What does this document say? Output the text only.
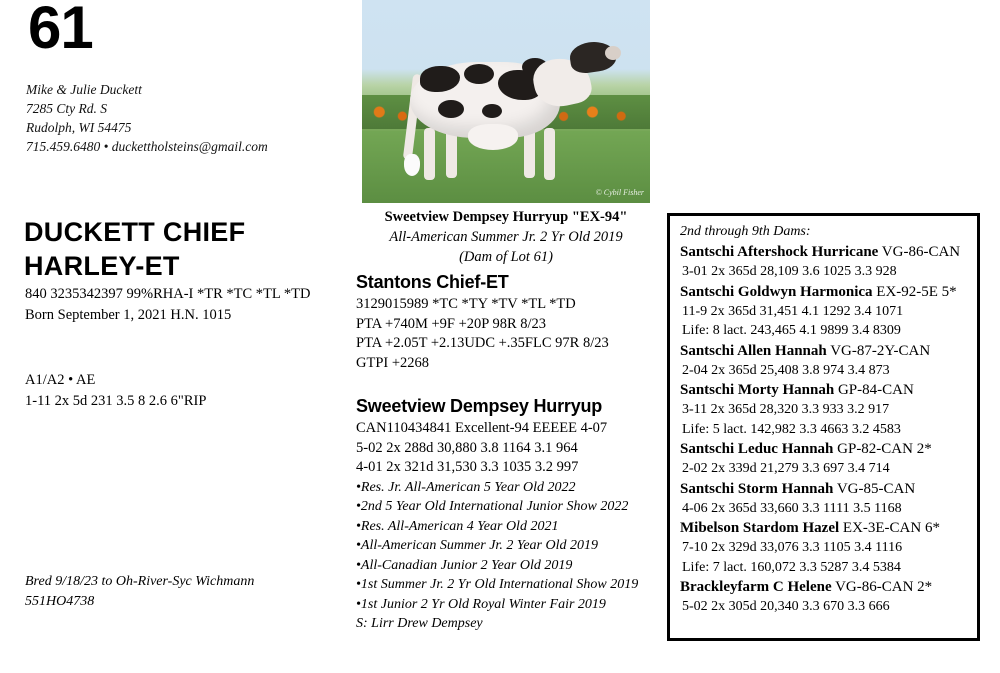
61
Mike & Julie Duckett
7285 Cty Rd. S
Rudolph, WI 54475
715.459.6480 • duckettholsteins@gmail.com
DUCKETT CHIEF
HARLEY-ET
840 3235342397 99%RHA-I *TR *TC *TL *TD
Born September 1, 2021 H.N. 1015
A1/A2 • AE
1-11 2x 5d 231 3.5 8 2.6 6"RIP
Bred 9/18/23 to Oh-River-Syc Wichmann
551HO4738
© Cybil Fisher
Sweetview Dempsey Hurryup "EX-94"
All-American Summer Jr. 2 Yr Old 2019
(Dam of Lot 61)
Stantons Chief-ET
3129015989 *TC *TY *TV *TL *TD
PTA +740M +9F +20P 98R 8/23
PTA +2.05T +2.13UDC +.35FLC 97R 8/23
GTPI +2268
Sweetview Dempsey Hurryup
CAN110434841 Excellent-94 EEEEE 4-07
5-02 2x 288d 30,880 3.8 1164 3.1 964
4-01 2x 321d 31,530 3.3 1035 3.2 997
•Res. Jr. All-American 5 Year Old 2022
•2nd 5 Year Old International Junior Show 2022
•Res. All-American 4 Year Old 2021
•All-American Summer Jr. 2 Year Old 2019
•All-Canadian Junior 2 Year Old 2019
•1st Summer Jr. 2 Yr Old International Show 2019
•1st Junior 2 Yr Old Royal Winter Fair 2019
S: Lirr Drew Dempsey
2nd through 9th Dams:
Santschi Aftershock Hurricane VG-86-CAN
3-01 2x 365d 28,109 3.6 1025 3.3 928
Santschi Goldwyn Harmonica EX-92-5E 5*
11-9 2x 365d 31,451 4.1 1292 3.4 1071
Life: 8 lact. 243,465 4.1 9899 3.4 8309
Santschi Allen Hannah VG-87-2Y-CAN
2-04 2x 365d 25,408 3.8 974 3.4 873
Santschi Morty Hannah GP-84-CAN
3-11 2x 365d 28,320 3.3 933 3.2 917
Life: 5 lact. 142,982 3.3 4663 3.2 4583
Santschi Leduc Hannah GP-82-CAN 2*
2-02 2x 339d 21,279 3.3 697 3.4 714
Santschi Storm Hannah VG-85-CAN
4-06 2x 365d 33,660 3.3 1111 3.5 1168
Mibelson Stardom Hazel EX-3E-CAN 6*
7-10 2x 329d 33,076 3.3 1105 3.4 1116
Life: 7 lact. 160,072 3.3 5287 3.4 5384
Brackleyfarm C Helene VG-86-CAN 2*
5-02 2x 305d 20,340 3.3 670 3.3 666
